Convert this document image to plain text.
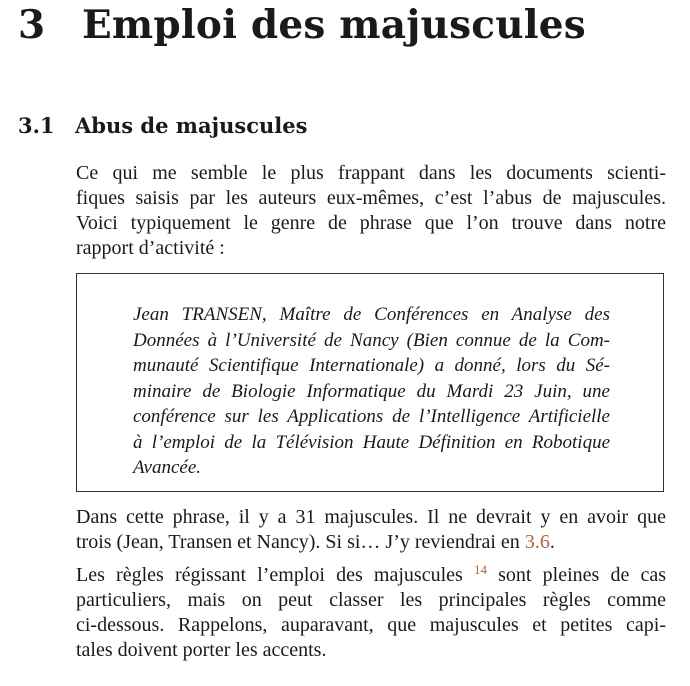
3 Emploi des majuscules
3.1 Abus de majuscules
Ce qui me semble le plus frappant dans les documents scienti-
fiques saisis par les auteurs eux-mêmes, c’est l’abus de majuscules.
Voici typiquement le genre de phrase que l’on trouve dans notre
rapport d’activité :
Jean TRANSEN, Maître de Conférences en Analyse des
Données à l’Université de Nancy (Bien connue de la Com-
munauté Scientifique Internationale) a donné, lors du Sé-
minaire de Biologie Informatique du Mardi 23 Juin, une
conférence sur les Applications de l’Intelligence Artificielle
à l’emploi de la Télévision Haute Définition en Robotique
Avancée.
Dans cette phrase, il y a 31 majuscules. Il ne devrait y en avoir que
trois (Jean, Transen et Nancy). Si si… J’y reviendrai en 3.6.
Les règles régissant l’emploi des majuscules $^{14}$ sont pleines de cas
particuliers, mais on peut classer les principales règles comme
ci-dessous. Rappelons, auparavant, que majuscules et petites capi-
tales doivent porter les accents.
